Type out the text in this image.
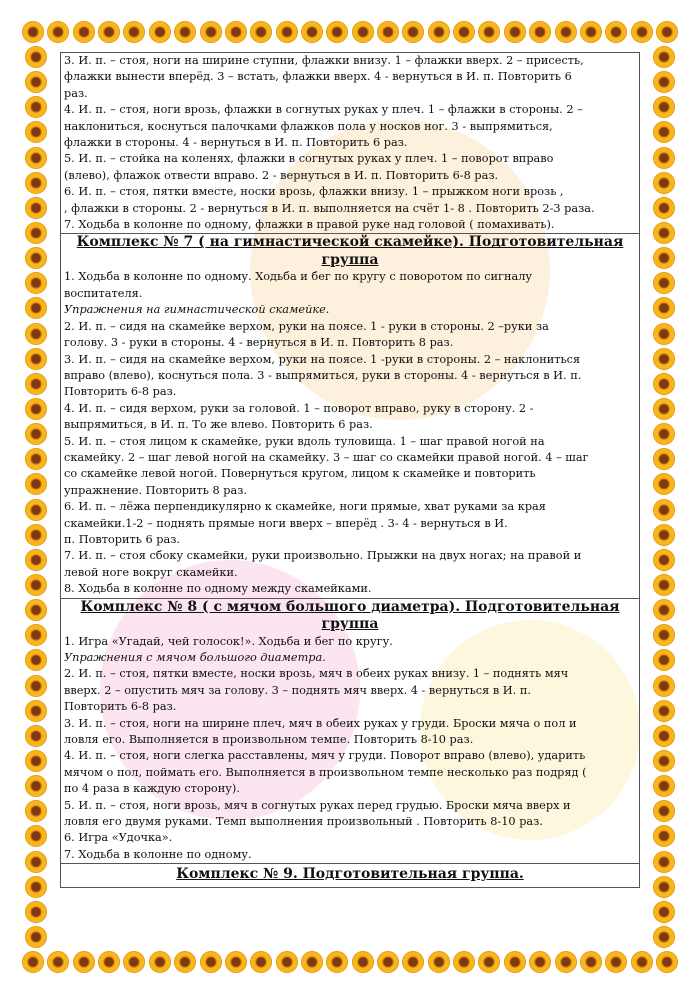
3. И. п. – стоя, ноги на ширине ступни, флажки внизу. 1 – флажки вверх. 2 – присесть,
флажки вынести вперёд. 3 – встать, флажки вверх. 4 - вернуться в И. п. Повторить 6
раз.
4. И. п. – стоя, ноги врозь, флажки в согнутых руках у плеч. 1 – флажки в стороны. 2 –
наклониться, коснуться палочками флажков пола у носков ног. 3 - выпрямиться,
флажки в стороны. 4 - вернуться в И. п. Повторить 6 раз.
5. И. п. – стойка на коленях, флажки в согнутых руках у плеч. 1 – поворот вправо
(влево), флажок отвести вправо. 2 - вернуться в И. п. Повторить 6-8 раз.
6. И. п. – стоя, пятки вместе, носки врозь, флажки внизу. 1 – прыжком ноги врозь ,
, флажки в стороны. 2 - вернуться в И. п. выполняется на счёт 1- 8 . Повторить 2-3 раза.
7. Ходьба в колонне по одному, флажки в правой руке над головой ( помахивать).
Комплекс № 7 ( на гимнастической скамейке). Подготовительная
группа
1. Ходьба в колонне по одному. Ходьба и бег по кругу с поворотом по сигналу
воспитателя.
Упражнения на гимнастической скамейке.
2. И. п. – сидя на скамейке верхом, руки на поясе. 1 - руки в стороны. 2 –руки за
голову. 3 - руки в стороны. 4 - вернуться в И. п. Повторить 8 раз.
3. И. п. – сидя на скамейке верхом, руки на поясе. 1 -руки в стороны. 2 – наклониться
вправо (влево), коснуться пола. 3 - выпрямиться, руки в стороны. 4 - вернуться в И. п.
Повторить 6-8 раз.
4. И. п. – сидя верхом, руки за головой. 1 – поворот вправо, руку в сторону. 2 -
выпрямиться, в И. п. То же влево. Повторить 6 раз.
5. И. п. – стоя лицом к скамейке, руки вдоль туловища. 1 – шаг правой ногой на
скамейку. 2 – шаг левой ногой на скамейку. 3 – шаг со скамейки правой ногой. 4 – шаг
со скамейке левой ногой. Повернуться кругом, лицом к скамейке и повторить
упражнение. Повторить 8 раз.
6. И. п. – лёжа перпендикулярно к скамейке, ноги прямые, хват руками за края
скамейки.1-2 – поднять прямые ноги вверх – вперёд . 3- 4 - вернуться в И.
п. Повторить 6 раз.
7. И. п. – стоя сбоку скамейки, руки произвольно. Прыжки на двух ногах; на правой и
левой ноге вокруг скамейки.
8. Ходьба в колонне по одному между скамейками.
Комплекс № 8 ( с мячом большого диаметра). Подготовительная
группа
1. Игра «Угадай, чей голосок!». Ходьба и бег по кругу.
Упражнения с мячом большого диаметра.
2. И. п. – стоя, пятки вместе, носки врозь, мяч в обеих руках внизу. 1 – поднять мяч
вверх. 2 – опустить мяч за голову. 3 – поднять мяч вверх. 4 - вернуться в И. п.
Повторить 6-8 раз.
3. И. п. – стоя, ноги на ширине плеч, мяч в обеих руках у груди. Броски мяча о пол и
ловля его. Выполняется в произвольном темпе. Повторить 8-10 раз.
4. И. п. – стоя, ноги слегка расставлены, мяч у груди. Поворот вправо (влево), ударить
мячом о пол, поймать его. Выполняется в произвольном темпе несколько раз подряд (
по 4 раза в каждую сторону).
5. И. п. – стоя, ноги врозь, мяч в согнутых руках перед грудью. Броски мяча вверх и
ловля его двумя руками. Темп выполнения произвольный . Повторить 8-10 раз.
6. Игра «Удочка».
7. Ходьба в колонне по одному.
Комплекс № 9. Подготовительная группа.
